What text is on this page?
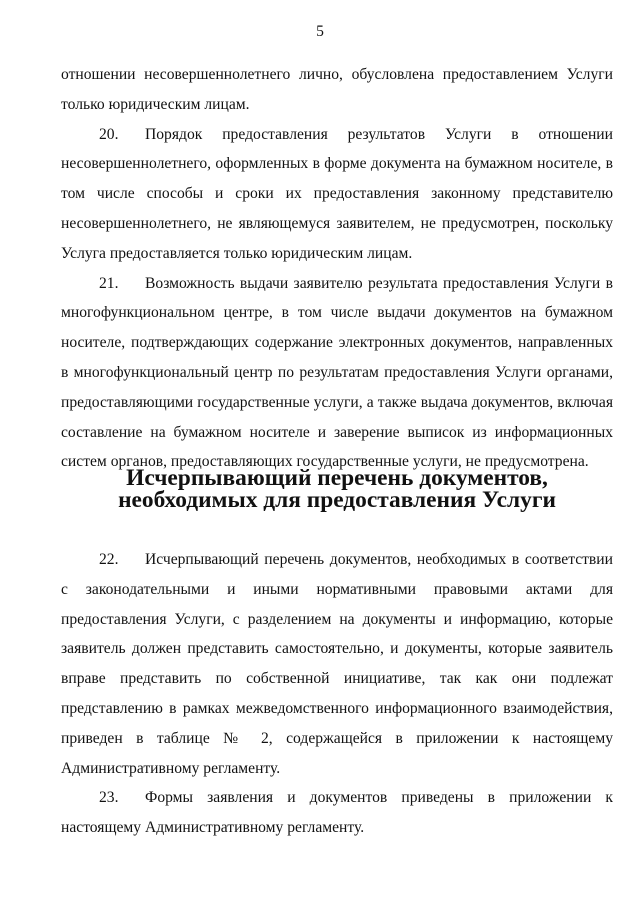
5

отношении несовершеннолетнего лично, обусловлена предоставлением Услуги только юридическим лицам.

20. Порядок предоставления результатов Услуги в отношении несовершеннолетнего, оформленных в форме документа на бумажном носителе, в том числе способы и сроки их предоставления законному представителю несовершеннолетнего, не являющемуся заявителем, не предусмотрен, поскольку Услуга предоставляется только юридическим лицам.

21. Возможность выдачи заявителю результата предоставления Услуги в многофункциональном центре, в том числе выдачи документов на бумажном носителе, подтверждающих содержание электронных документов, направленных в многофункциональный центр по результатам предоставления Услуги органами, предоставляющими государственные услуги, а также выдача документов, включая составление на бумажном носителе и заверение выписок из информационных систем органов, предоставляющих государственные услуги, не предусмотрена.

Исчерпывающий перечень документов, необходимых для предоставления Услуги

22. Исчерпывающий перечень документов, необходимых в соответствии с законодательными и иными нормативными правовыми актами для предоставления Услуги, с разделением на документы и информацию, которые заявитель должен представить самостоятельно, и документы, которые заявитель вправе представить по собственной инициативе, так как они подлежат представлению в рамках межведомственного информационного взаимодействия, приведен в таблице № 2, содержащейся в приложении к настоящему Административному регламенту.

23. Формы заявления и документов приведены в приложении к настоящему Административному регламенту.
